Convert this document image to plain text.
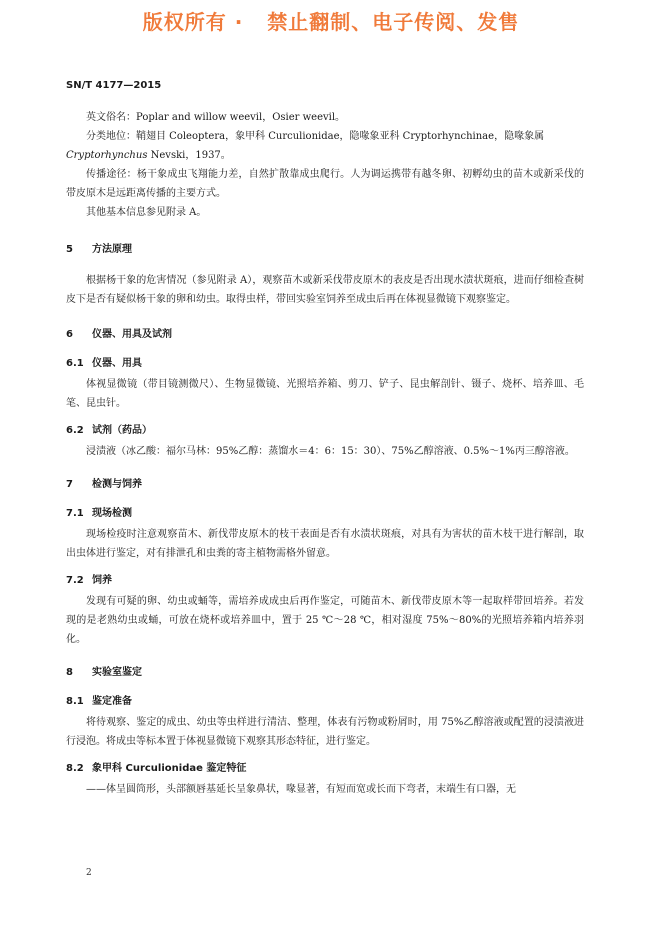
版权所有 ·   禁止翻制、电子传阅、发售
SN/T 4177—2015

英文俗名：Poplar and willow weevil，Osier weevil。

分类地位：鞘翅目 Coleoptera，象甲科 Curculionidae，隐喙象亚科 Cryptorhynchinae，隐喙象属

Cryptorhynchus Nevski，1937。

传播途径：杨干象成虫飞翔能力差，自然扩散靠成虫爬行。人为调运携带有越冬卵、初孵幼虫的苗木或新采伐的带皮原木是远距离传播的主要方式。

其他基本信息参见附录 A。

5 方法原理

根据杨干象的危害情况（参见附录 A），观察苗木或新采伐带皮原木的表皮是否出现水渍状斑痕，进而仔细检查树皮下是否有疑似杨干象的卵和幼虫。取得虫样，带回实验室饲养至成虫后再在体视显微镜下观察鉴定。

6 仪器、用具及试剂

6.1 仪器、用具

体视显微镜（带目镜测微尺）、生物显微镜、光照培养箱、剪刀、铲子、昆虫解剖针、镊子、烧杯、培养皿、毛笔、昆虫针。

6.2 试剂（药品）

浸渍液（冰乙酸：福尔马林：95%乙醇：蒸馏水＝4：6：15：30）、75%乙醇溶液、0.5%～1%丙三醇溶液。

7 检测与饲养

7.1 现场检测

现场检疫时注意观察苗木、新伐带皮原木的枝干表面是否有水渍状斑痕，对具有为害状的苗木枝干进行解剖，取出虫体进行鉴定，对有排泄孔和虫粪的寄主植物需格外留意。

7.2 饲养

发现有可疑的卵、幼虫或蛹等，需培养成成虫后再作鉴定，可随苗木、新伐带皮原木等一起取样带回培养。若发现的是老熟幼虫或蛹，可放在烧杯或培养皿中，置于 25 ℃～28 ℃，相对湿度 75%～80%的光照培养箱内培养羽化。

8 实验室鉴定

8.1 鉴定准备

将待观察、鉴定的成虫、幼虫等虫样进行清洁、整理，体表有污物或粉屑时，用 75%乙醇溶液或配置的浸渍液进行浸泡。将成虫等标本置于体视显微镜下观察其形态特征，进行鉴定。

8.2 象甲科 Curculionidae 鉴定特征

——体呈圆筒形，头部额唇基延长呈象鼻状，喙显著，有短而宽或长而下弯者，末端生有口器，无

2
